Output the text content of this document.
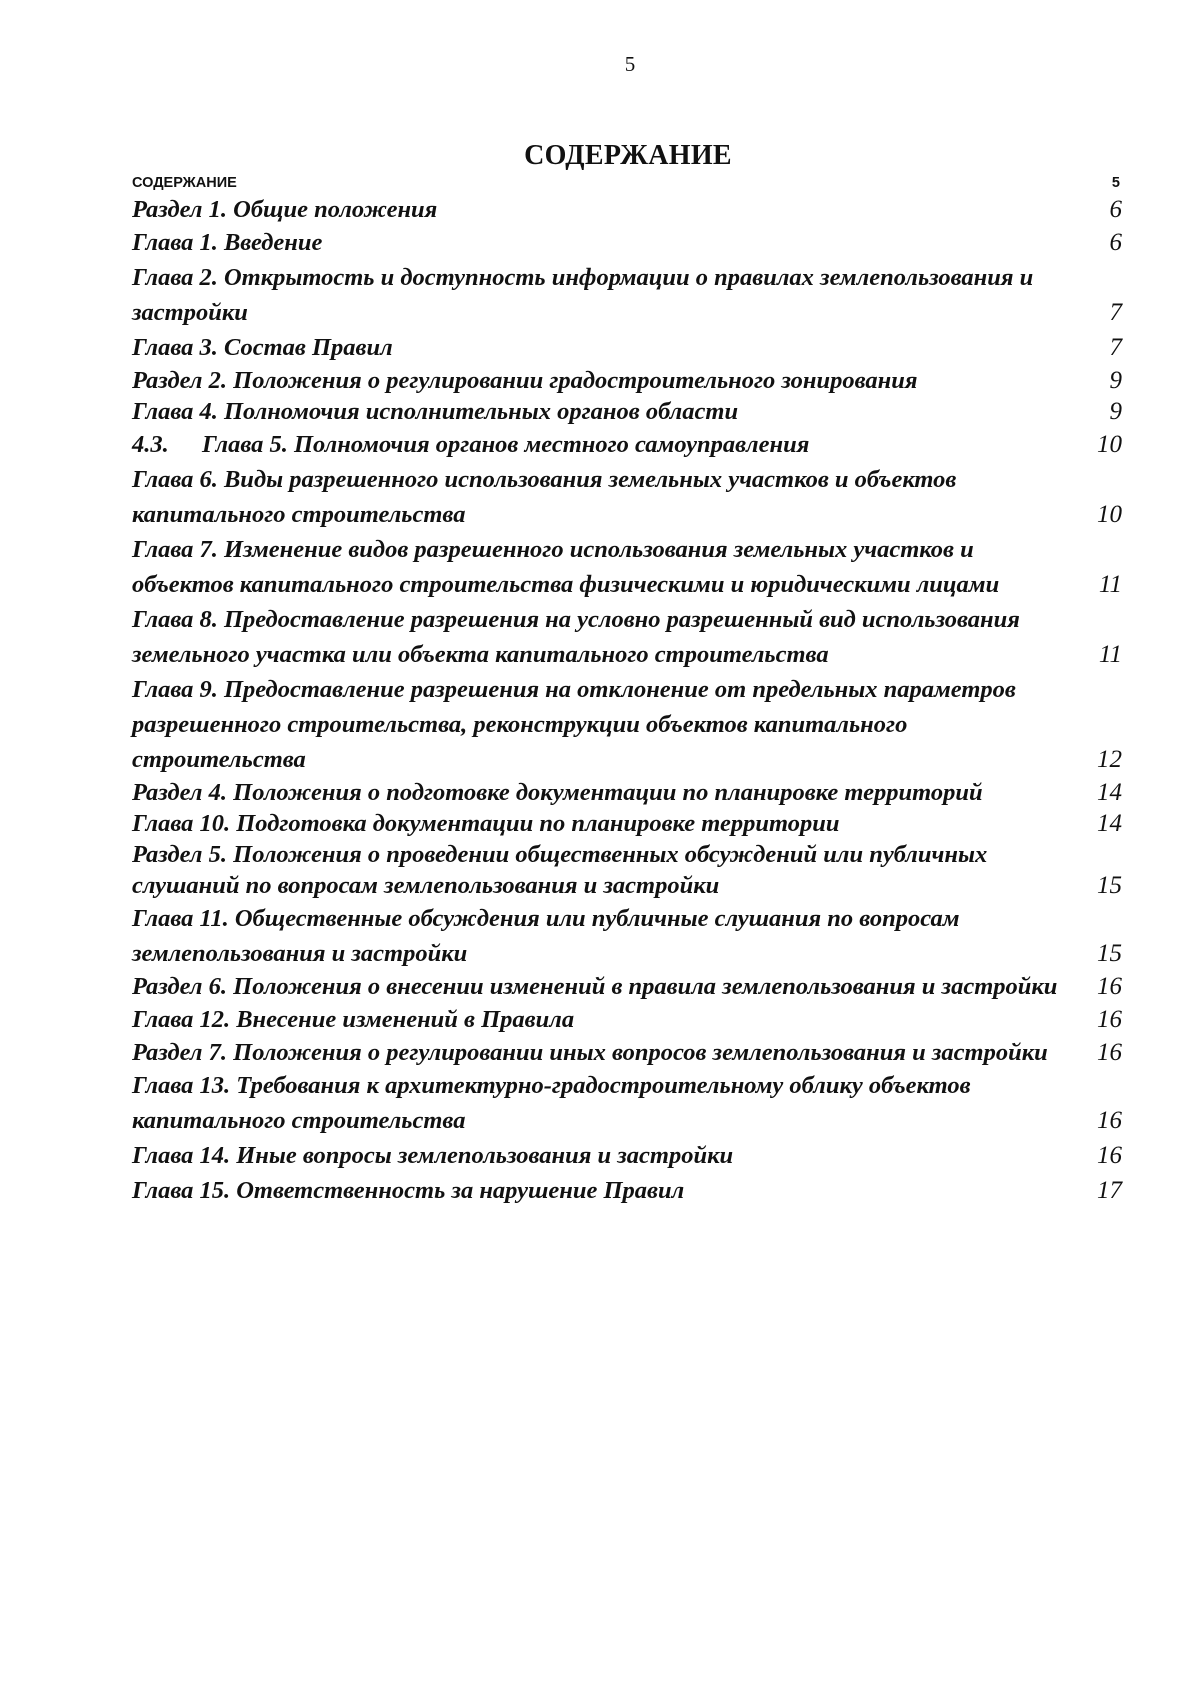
5
СОДЕРЖАНИЕ
СОДЕРЖАНИЕ	5
Раздел 1. Общие положения	6
Глава 1. Введение	6
Глава 2. Открытость и доступность информации о правилах землепользования и застройки	7
Глава 3. Состав Правил	7
Раздел 2. Положения о регулировании градостроительного зонирования	9
Глава 4. Полномочия исполнительных органов области	9
4.3. Глава 5. Полномочия органов местного самоуправления	10
Глава 6. Виды разрешенного использования земельных участков и объектов капитального строительства	10
Глава 7. Изменение видов разрешенного использования земельных участков и объектов капитального строительства физическими и юридическими лицами	11
Глава 8. Предоставление разрешения на условно разрешенный вид использования земельного участка или объекта капитального строительства	11
Глава 9. Предоставление разрешения на отклонение от предельных параметров разрешенного строительства, реконструкции объектов капитального строительства	12
Раздел 4. Положения о подготовке документации по планировке территорий	14
Глава 10. Подготовка документации по планировке территории	14
Раздел 5. Положения о проведении общественных обсуждений или публичных слушаний по вопросам землепользования и застройки	15
Глава 11. Общественные обсуждения или публичные слушания по вопросам землепользования и застройки	15
Раздел 6. Положения о внесении изменений в правила землепользования и застройки	16
Глава 12. Внесение изменений в Правила	16
Раздел 7. Положения о регулировании иных вопросов землепользования и застройки	16
Глава 13. Требования к архитектурно-градостроительному облику объектов капитального строительства	16
Глава 14. Иные вопросы землепользования и застройки	16
Глава 15. Ответственность за нарушение Правил	17
